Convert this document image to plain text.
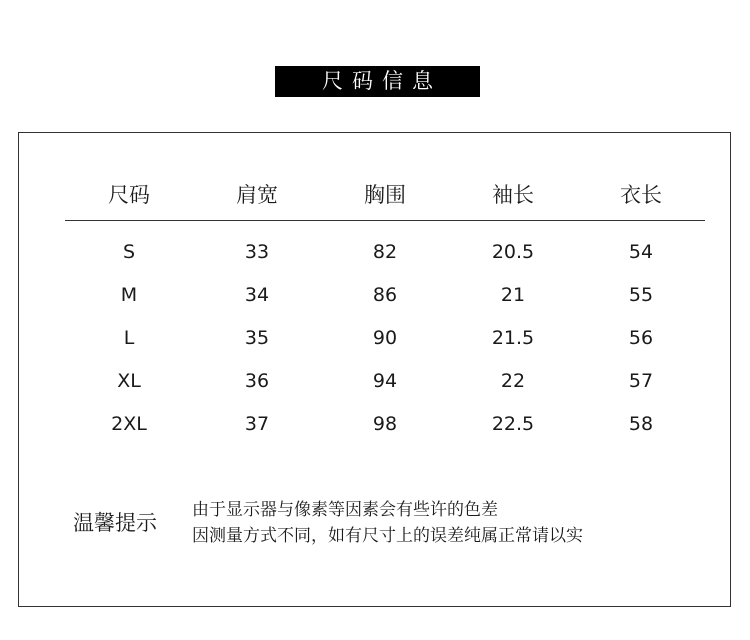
尺码信息
尺码	肩宽	胸围	袖长	衣长
S	33	82	20.5	54
M	34	86	21	55
L	35	90	21.5	56
XL	36	94	22	57
2XL	37	98	22.5	58
温馨提示
由于显示器与像素等因素会有些许的色差
因测量方式不同，如有尺寸上的误差纯属正常请以实
